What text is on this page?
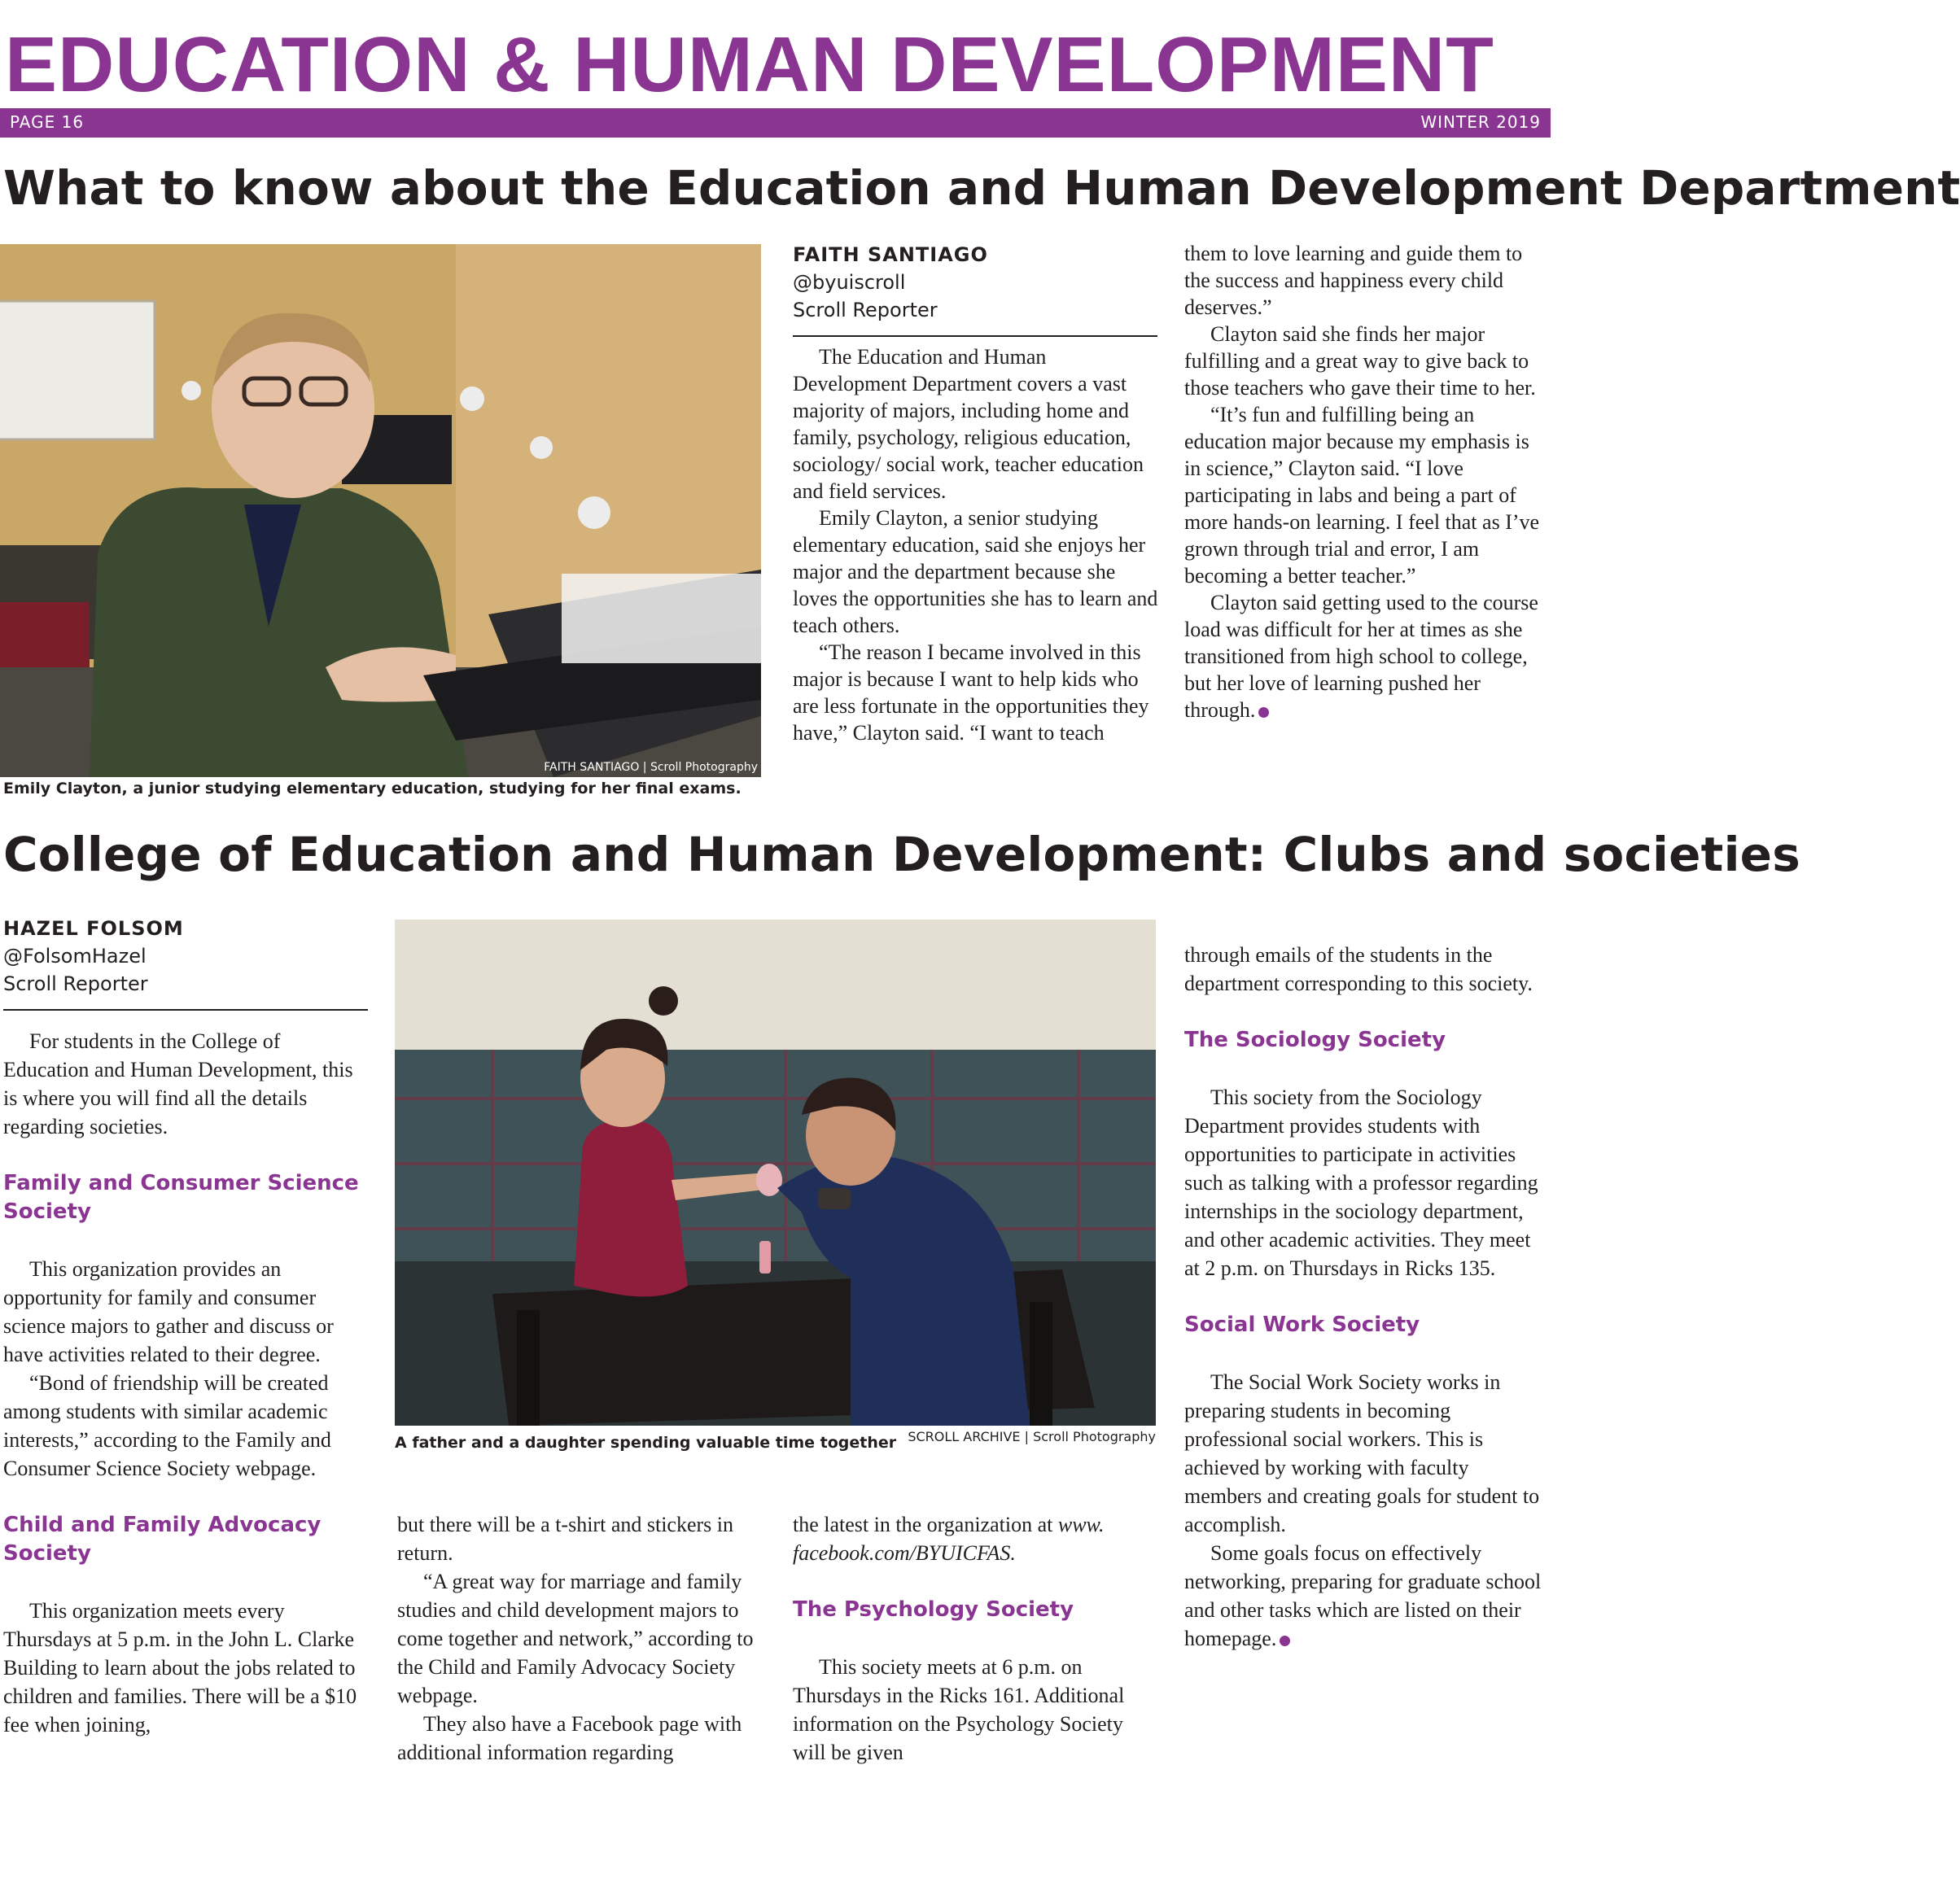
EDUCATION & HUMAN DEVELOPMENT
PAGE 16	WINTER 2019
What to know about the Education and Human Development Department
FAITH SANTIAGO | Scroll Photography
Emily Clayton, a junior studying elementary education, studying for her final exams.
FAITH SANTIAGO
@byuiscroll
Scroll Reporter

The Education and Human Development Department covers a vast majority of majors, including home and family, psychology, religious education, sociology/ social work, teacher education and field services.

Emily Clayton, a senior studying elementary education, said she enjoys her major and the department because she loves the opportunities she has to learn and teach others.

“The reason I became involved in this major is because I want to help kids who are less fortunate in the opportunities they have,” Clayton said. “I want to teach

them to love learning and guide them to the success and happiness every child deserves.”

Clayton said she finds her major fulfilling and a great way to give back to those teachers who gave their time to her.

“It’s fun and fulfilling being an education major because my emphasis is in science,” Clayton said. “I love participating in labs and being a part of more hands-on learning. I feel that as I’ve grown through trial and error, I am becoming a better teacher.”

Clayton said getting used to the course load was difficult for her at times as she transitioned from high school to college, but her love of learning pushed her through.

College of Education and Human Development: Clubs and societies
HAZEL FOLSOM
@FolsomHazel
Scroll Reporter

For students in the College of Education and Human Development, this is where you will find all the details regarding societies.

Family and Consumer Science Society

This organization provides an opportunity for family and consumer science majors to gather and discuss or have activities related to their degree.

“Bond of friendship will be created among students with similar academic interests,” according to the Family and Consumer Science Society webpage.

Child and Family Advocacy Society

This organization meets every Thursdays at 5 p.m. in the John L. Clarke Building to learn about the jobs related to children and families. There will be a $10 fee when joining,

A father and a daughter spending valuable time together SCROLL ARCHIVE | Scroll Photography

but there will be a t-shirt and stickers in return.

“A great way for marriage and family studies and child development majors to come together and network,” according to the Child and Family Advocacy Society webpage.

They also have a Facebook page with additional information regarding

the latest in the organization at www. facebook.com/BYUICFAS.

The Psychology Society

This society meets at 6 p.m. on Thursdays in the Ricks 161. Additional information on the Psychology Society will be given

through emails of the students in the department corresponding to this society.

The Sociology Society

This society from the Sociology Department provides students with opportunities to participate in activities such as talking with a professor regarding internships in the sociology department, and other academic activities. They meet at 2 p.m. on Thursdays in Ricks 135.

Social Work Society

The Social Work Society works in preparing students in becoming professional social workers. This is achieved by working with faculty members and creating goals for student to accomplish.

Some goals focus on effectively networking, preparing for graduate school and other tasks which are listed on their homepage.
